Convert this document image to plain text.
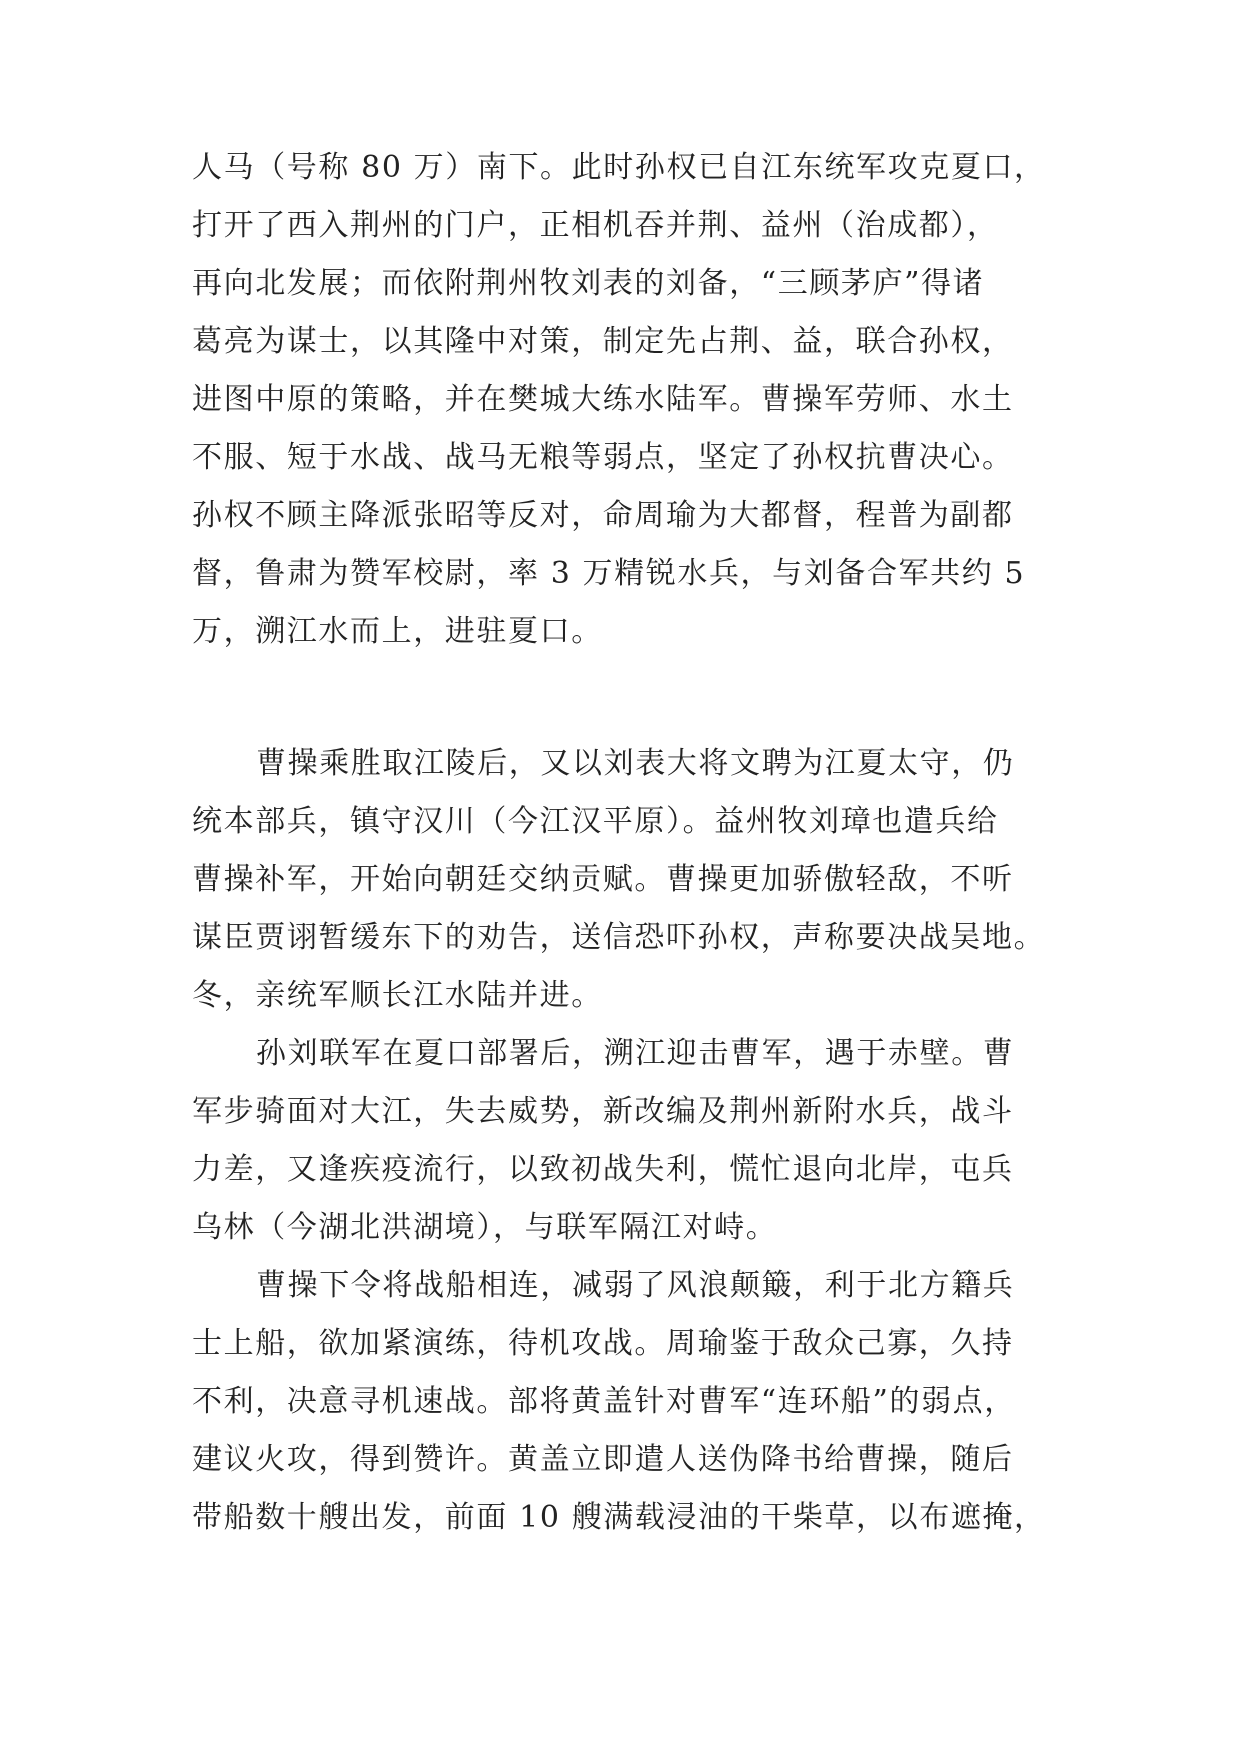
人马（号称 80 万）南下。此时孙权已自江东统军攻克夏口，
打开了西入荆州的门户，正相机吞并荆、益州（治成都），
再向北发展；而依附荆州牧刘表的刘备，“三顾茅庐”得诸
葛亮为谋士，以其隆中对策，制定先占荆、益，联合孙权，
进图中原的策略，并在樊城大练水陆军。曹操军劳师、水土
不服、短于水战、战马无粮等弱点，坚定了孙权抗曹决心。
孙权不顾主降派张昭等反对，命周瑜为大都督，程普为副都
督，鲁肃为赞军校尉，率 3 万精锐水兵，与刘备合军共约 5
万，溯江水而上，进驻夏口。
曹操乘胜取江陵后，又以刘表大将文聘为江夏太守，仍
统本部兵，镇守汉川（今江汉平原）。益州牧刘璋也遣兵给
曹操补军，开始向朝廷交纳贡赋。曹操更加骄傲轻敌，不听
谋臣贾诩暂缓东下的劝告，送信恐吓孙权，声称要决战吴地。
冬，亲统军顺长江水陆并进。
孙刘联军在夏口部署后，溯江迎击曹军，遇于赤壁。曹
军步骑面对大江，失去威势，新改编及荆州新附水兵，战斗
力差，又逢疾疫流行，以致初战失利，慌忙退向北岸，屯兵
乌林（今湖北洪湖境），与联军隔江对峙。
曹操下令将战船相连，减弱了风浪颠簸，利于北方籍兵
士上船，欲加紧演练，待机攻战。周瑜鉴于敌众己寡，久持
不利，决意寻机速战。部将黄盖针对曹军“连环船”的弱点，
建议火攻，得到赞许。黄盖立即遣人送伪降书给曹操，随后
带船数十艘出发，前面 10 艘满载浸油的干柴草，以布遮掩，
